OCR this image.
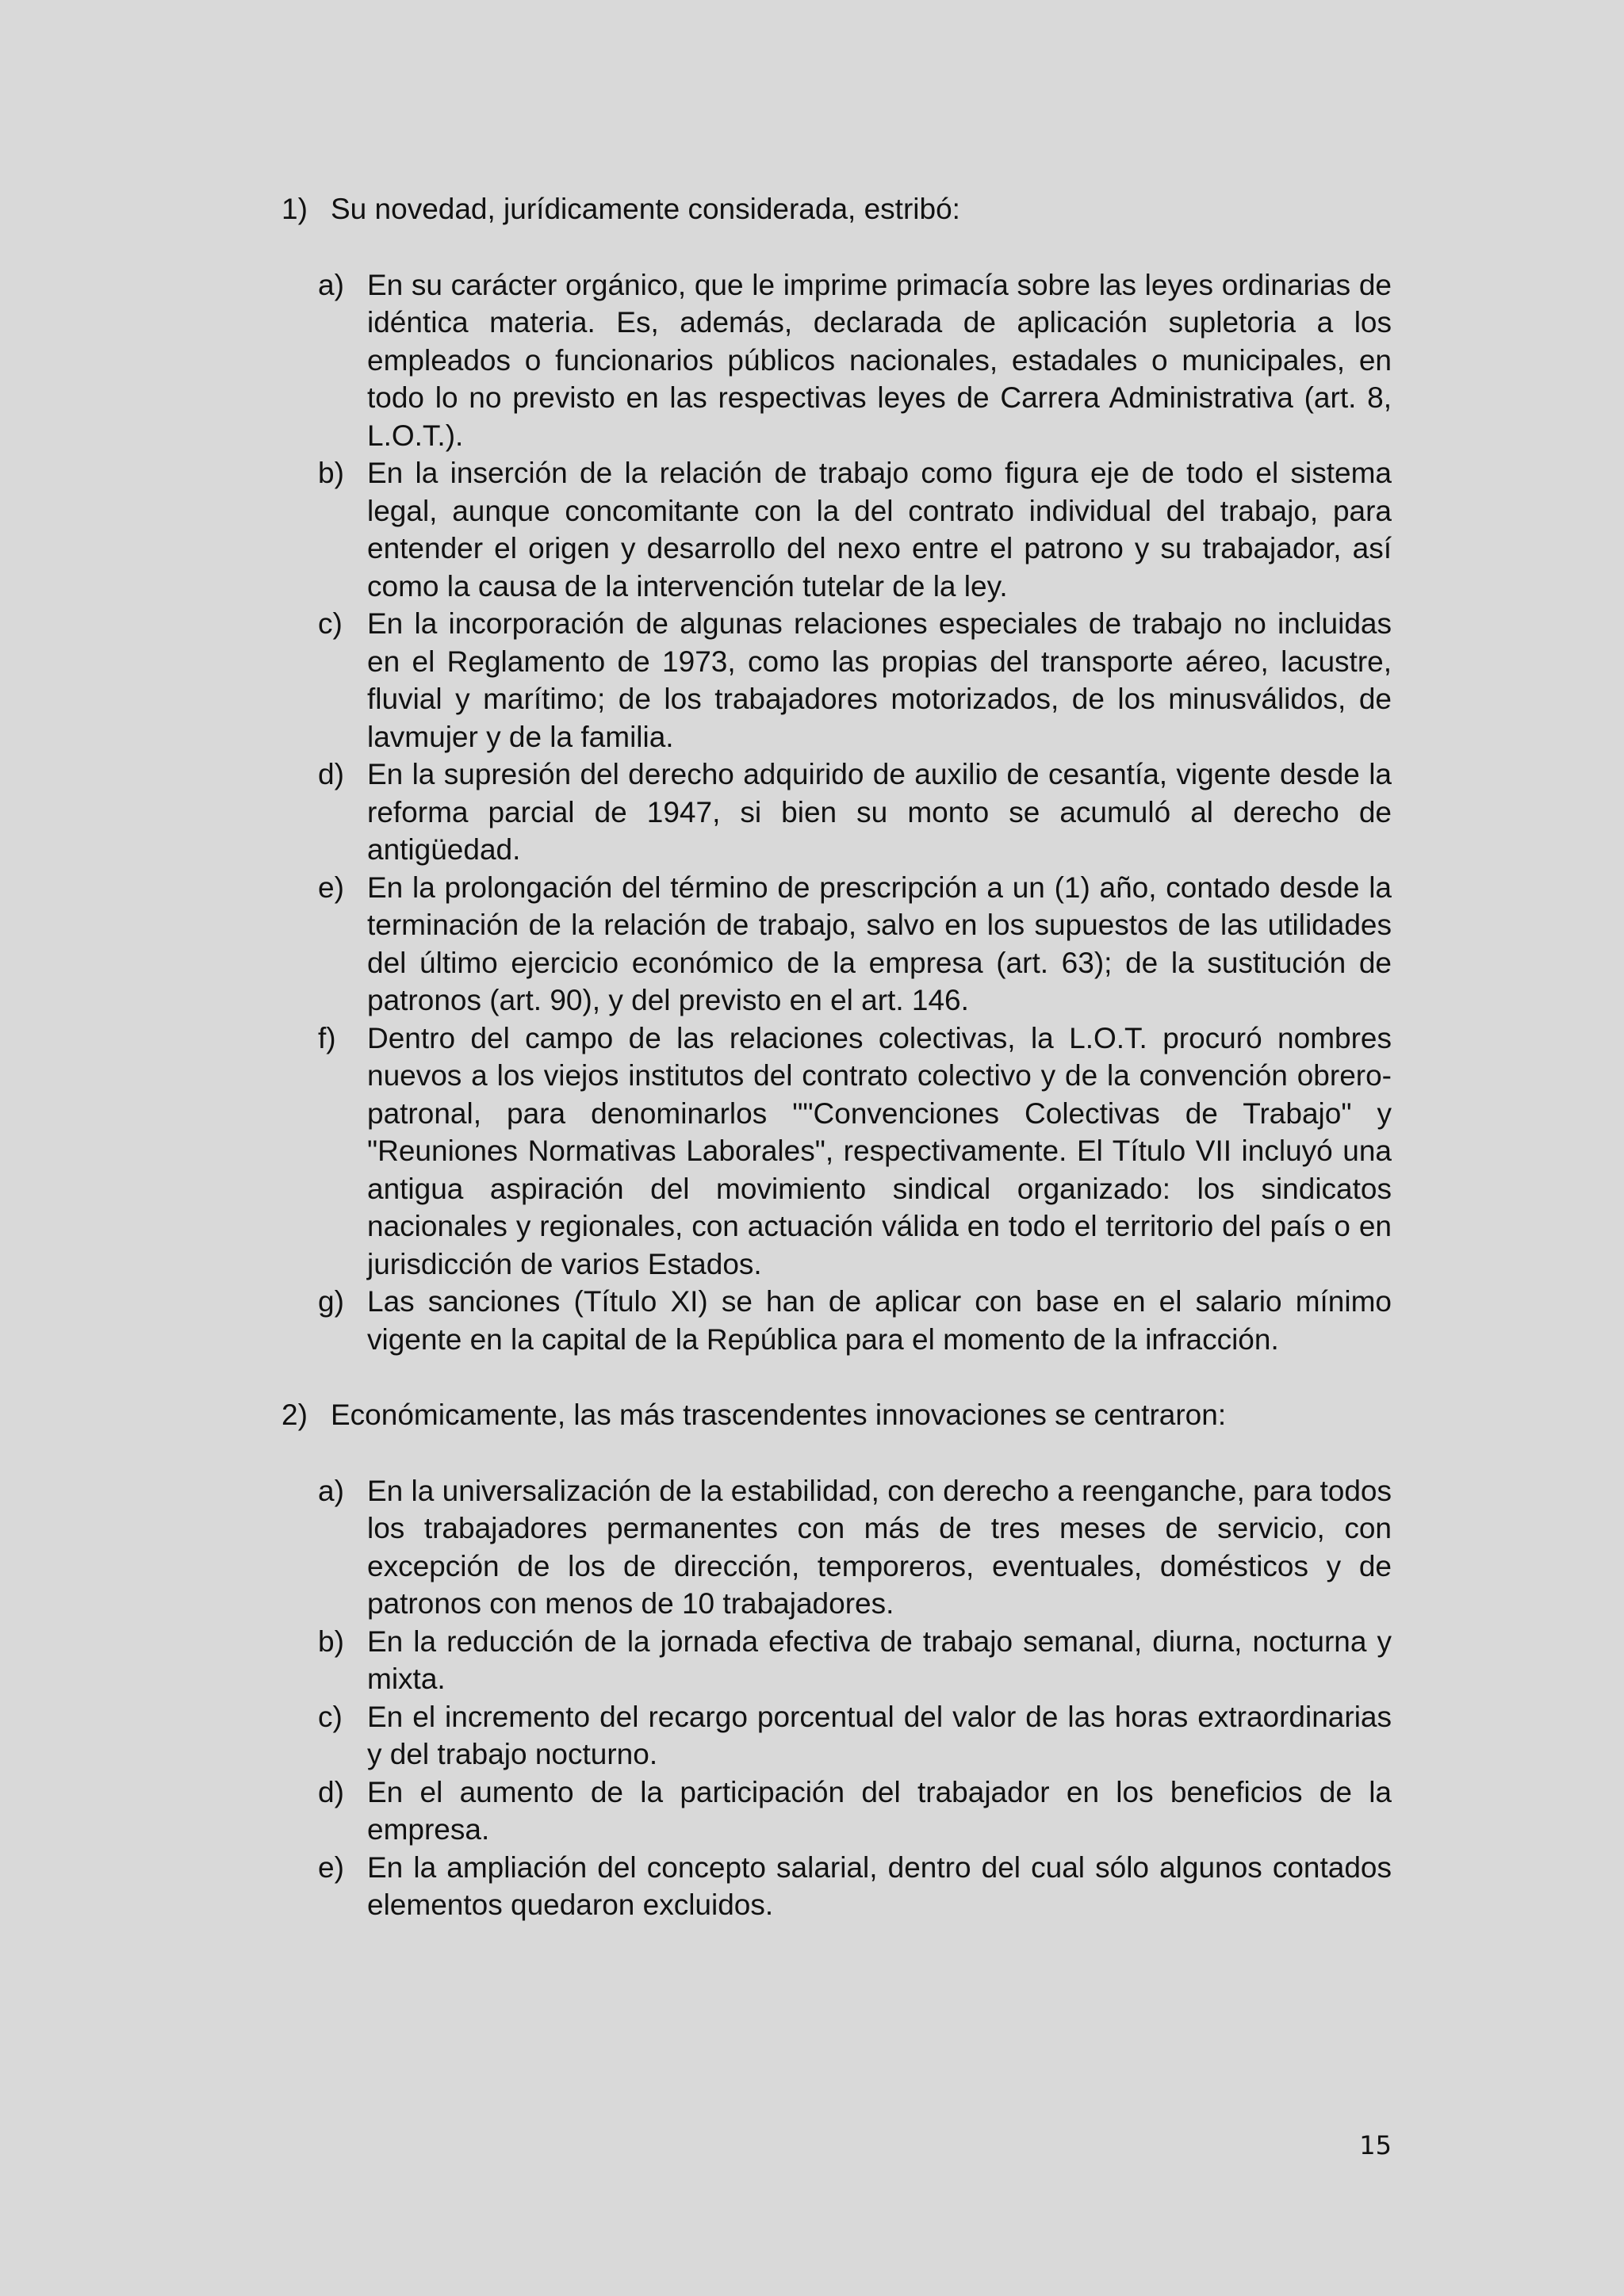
1) Su novedad, jurídicamente considerada, estribó:

a) En su carácter orgánico, que le imprime primacía sobre las leyes ordinarias de idéntica materia. Es, además, declarada de aplicación supletoria a los empleados o funcionarios públicos nacionales, estadales o municipales, en todo lo no previsto en las respectivas leyes de Carrera Administrativa (art. 8, L.O.T.).
b) En la inserción de la relación de trabajo como figura eje de todo el sistema legal, aunque concomitante con la del contrato individual del trabajo, para entender el origen y desarrollo del nexo entre el patrono y su trabajador, así como la causa de la intervención tutelar de la ley.
c) En la incorporación de algunas relaciones especiales de trabajo no incluidas en el Reglamento de 1973, como las propias del transporte aéreo, lacustre, fluvial y marítimo; de los trabajadores motorizados, de los minusválidos, de lavmujer y de la familia.
d) En la supresión del derecho adquirido de auxilio de cesantía, vigente desde la reforma parcial de 1947, si bien su monto se acumuló al derecho de antigüedad.
e) En la prolongación del término de prescripción a un (1) año, contado desde la terminación de la relación de trabajo, salvo en los supuestos de las utilidades del último ejercicio económico de la empresa (art. 63); de la sustitución de patronos (art. 90), y del previsto en el art. 146.
f)	Dentro del campo de las relaciones colectivas, la L.O.T. procuró nombres nuevos a los viejos institutos del contrato colectivo y de la convención obrero-patronal, para denominarlos ""Convenciones Colectivas de Trabajo" y "Reuniones Normativas Laborales", respectivamente. El Título VII incluyó una antigua aspiración del movimiento sindical organizado: los sindicatos nacionales y regionales, con actuación válida en todo el territorio del país o en jurisdicción de varios Estados.
g) Las sanciones (Título XI) se han de aplicar con base en el salario mínimo vigente en la capital de la República para el momento de la infracción.

2) Económicamente, las más trascendentes innovaciones se centraron:

a) En la universalización de la estabilidad, con derecho a reenganche, para todos los trabajadores permanentes con más de tres meses de servicio, con excepción de los de dirección, temporeros, eventuales, domésticos y de patronos con menos de 10 trabajadores.
b) En la reducción de la jornada efectiva de trabajo semanal, diurna, nocturna y mixta.
c) En el incremento del recargo porcentual del valor de las horas extraordinarias y del trabajo nocturno.
d) En el aumento de la participación del trabajador en los beneficios de la empresa.
e) En la ampliación del concepto salarial, dentro del cual sólo algunos contados elementos quedaron excluidos.
15
